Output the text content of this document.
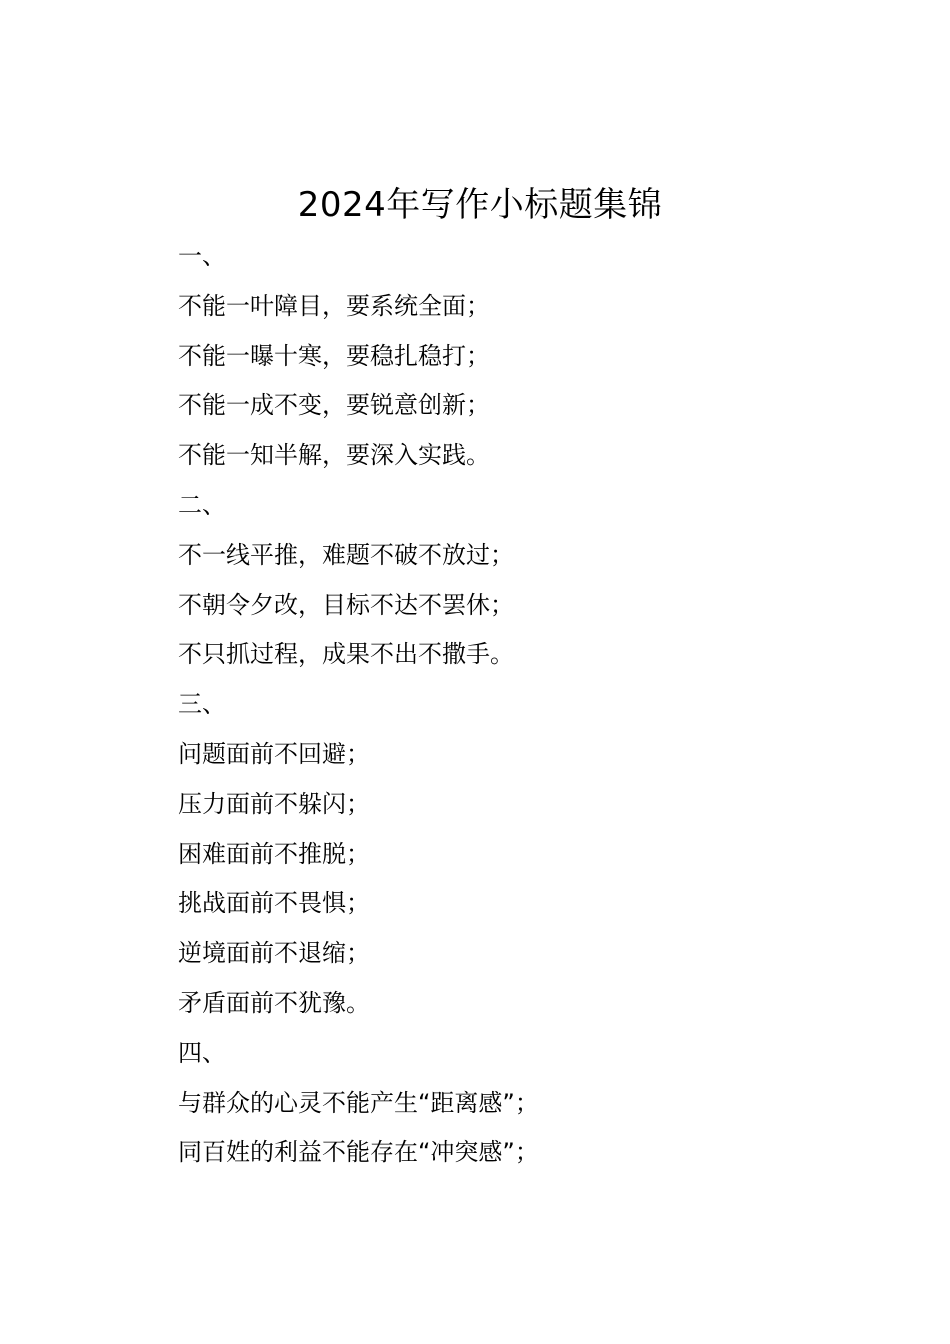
2024年写作小标题集锦
一、
不能一叶障目，要系统全面；
不能一曝十寒，要稳扎稳打；
不能一成不变，要锐意创新；
不能一知半解，要深入实践。
二、
不一线平推，难题不破不放过；
不朝令夕改，目标不达不罢休；
不只抓过程，成果不出不撒手。
三、
问题面前不回避；
压力面前不躲闪；
困难面前不推脱；
挑战面前不畏惧；
逆境面前不退缩；
矛盾面前不犹豫。
四、
与群众的心灵不能产生“距离感”；
同百姓的利益不能存在“冲突感”；
